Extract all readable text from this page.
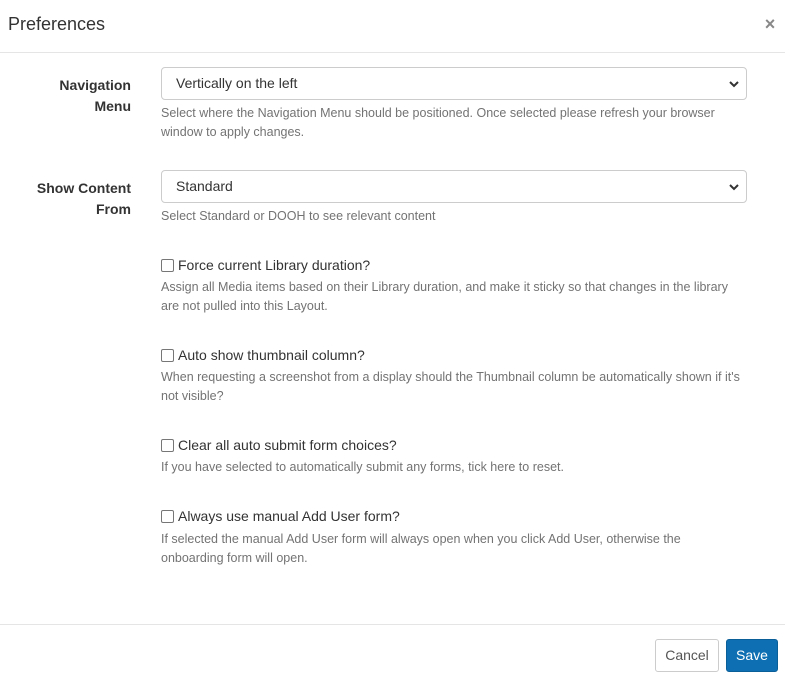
Preferences	×
Navigation
Menu
Vertically on the left
Select where the Navigation Menu should be positioned. Once selected please refresh your browser
window to apply changes.
Show Content
From
Standard
Select Standard or DOOH to see relevant content
Force current Library duration?
Assign all Media items based on their Library duration, and make it sticky so that changes in the library
are not pulled into this Layout.
Auto show thumbnail column?
When requesting a screenshot from a display should the Thumbnail column be automatically shown if it's
not visible?
Clear all auto submit form choices?
If you have selected to automatically submit any forms, tick here to reset.
Always use manual Add User form?
If selected the manual Add User form will always open when you click Add User, otherwise the
onboarding form will open.
Cancel	Save
